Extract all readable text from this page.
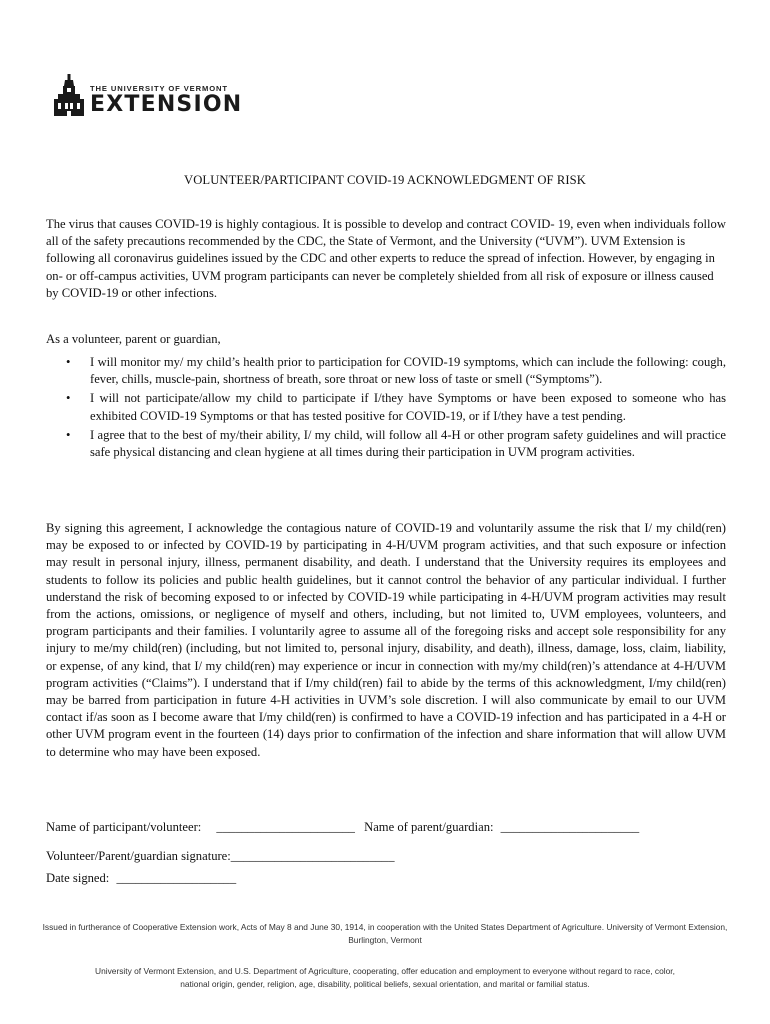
THE UNIVERSITY OF VERMONT
EXTENSION
VOLUNTEER/PARTICIPANT COVID-19 ACKNOWLEDGMENT OF RISK
The virus that causes COVID-19 is highly contagious. It is possible to develop and contract COVID- 19, even when individuals follow all of the safety precautions recommended by the CDC, the State of Vermont, and the University (“UVM”). UVM Extension is following all coronavirus guidelines issued by the CDC and other experts to reduce the spread of infection. However, by engaging in on- or off-campus activities, UVM program participants can never be completely shielded from all risk of exposure or illness caused by COVID-19 or other infections.
As a volunteer, parent or guardian,
• I will monitor my/ my child’s health prior to participation for COVID-19 symptoms, which can include the following: cough, fever, chills, muscle-pain, shortness of breath, sore throat or new loss of taste or smell (“Symptoms”).
• I will not participate/allow my child to participate if I/they have Symptoms or have been exposed to someone who has exhibited COVID-19 Symptoms or that has tested positive for COVID-19, or if I/they have a test pending.
• I agree that to the best of my/their ability, I/ my child, will follow all 4-H or other program safety guidelines and will practice safe physical distancing and clean hygiene at all times during their participation in UVM program activities.
By signing this agreement, I acknowledge the contagious nature of COVID-19 and voluntarily assume the risk that I/ my child(ren) may be exposed to or infected by COVID-19 by participating in 4-H/UVM program activities, and that such exposure or infection may result in personal injury, illness, permanent disability, and death. I understand that the University requires its employees and students to follow its policies and public health guidelines, but it cannot control the behavior of any particular individual. I further understand the risk of becoming exposed to or infected by COVID-19 while participating in 4-H/UVM program activities may result from the actions, omissions, or negligence of myself and others, including, but not limited to, UVM employees, volunteers, and program participants and their families. I voluntarily agree to assume all of the foregoing risks and accept sole responsibility for any injury to me/my child(ren) (including, but not limited to, personal injury, disability, and death), illness, damage, loss, claim, liability, or expense, of any kind, that I/ my child(ren) may experience or incur in connection with my/my child(ren)’s attendance at 4-H/UVM program activities (“Claims”). I understand that if I/my child(ren) fail to abide by the terms of this acknowledgment, I/my child(ren) may be barred from participation in future 4-H activities in UVM’s sole discretion. I will also communicate by email to our UVM contact if/as soon as I become aware that I/my child(ren) is confirmed to have a COVID-19 infection and has participated in a 4-H or other UVM program event in the fourteen (14) days prior to confirmation of the infection and share information that will allow UVM to determine who may have been exposed.
Name of participant/volunteer: ______________________ Name of parent/guardian: ______________________
Volunteer/Parent/guardian signature:__________________________
Date signed: ___________________
Issued in furtherance of Cooperative Extension work, Acts of May 8 and June 30, 1914, in cooperation with the United States Department of Agriculture. University of Vermont Extension, Burlington, Vermont
University of Vermont Extension, and U.S. Department of Agriculture, cooperating, offer education and employment to everyone without regard to race, color, national origin, gender, religion, age, disability, political beliefs, sexual orientation, and marital or familial status.
